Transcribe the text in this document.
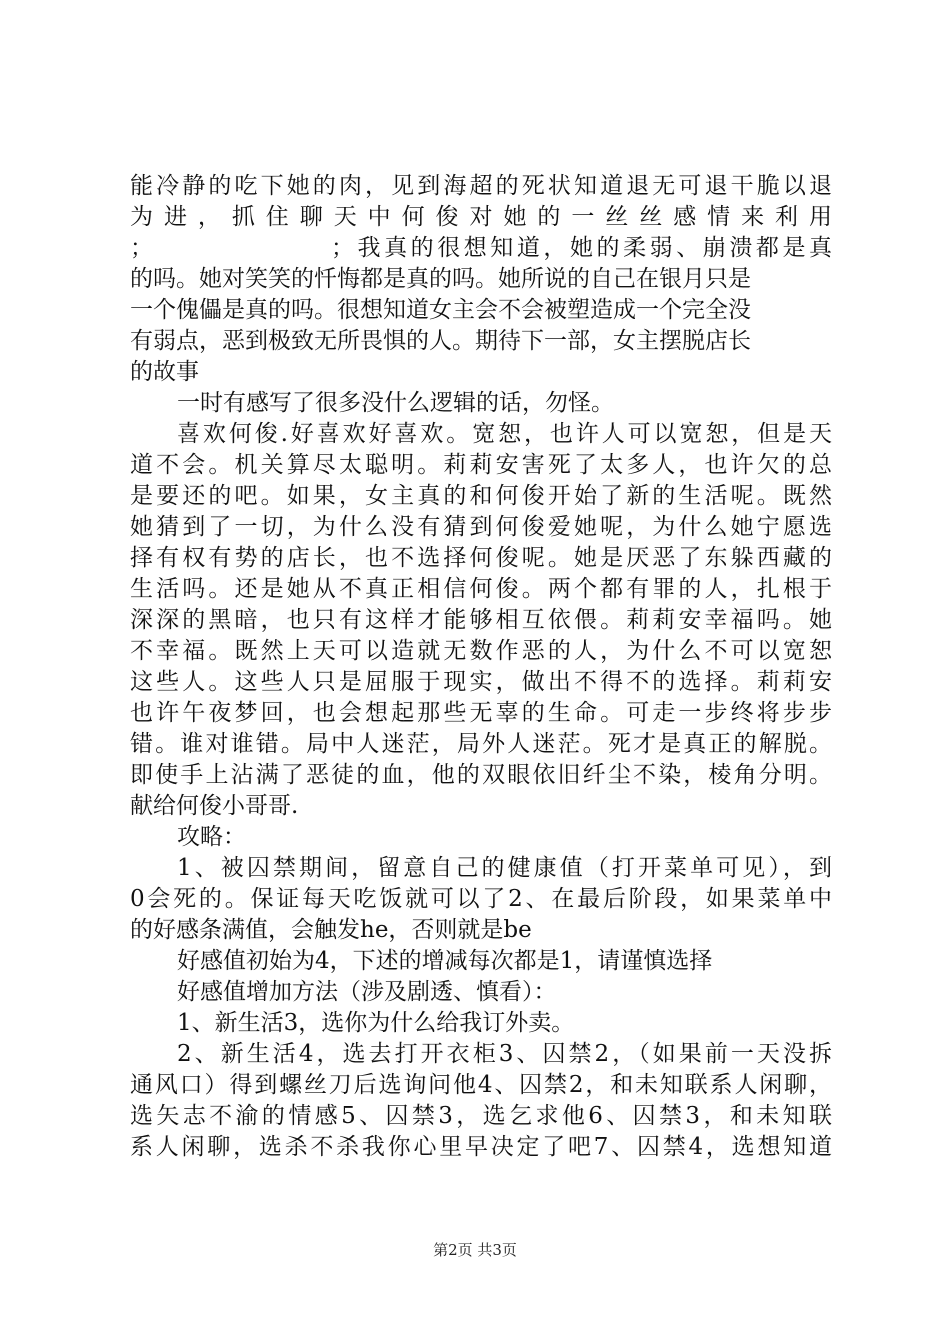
能冷静的吃下她的肉，见到海超的死状知道退无可退干脆以退
为进，抓住聊天中何俊对她的一丝丝感情来利用
；　　　　　　　；我真的很想知道，她的柔弱、崩溃都是真
的吗。她对笑笑的忏悔都是真的吗。她所说的自己在银月只是
一个傀儡是真的吗。很想知道女主会不会被塑造成一个完全没
有弱点，恶到极致无所畏惧的人。期待下一部，女主摆脱店长
的故事
一时有感写了很多没什么逻辑的话，勿怪。
喜欢何俊.好喜欢好喜欢。宽恕，也许人可以宽恕，但是天
道不会。机关算尽太聪明。莉莉安害死了太多人，也许欠的总
是要还的吧。如果，女主真的和何俊开始了新的生活呢。既然
她猜到了一切，为什么没有猜到何俊爱她呢，为什么她宁愿选
择有权有势的店长，也不选择何俊呢。她是厌恶了东躲西藏的
生活吗。还是她从不真正相信何俊。两个都有罪的人，扎根于
深深的黑暗，也只有这样才能够相互依偎。莉莉安幸福吗。她
不幸福。既然上天可以造就无数作恶的人，为什么不可以宽恕
这些人。这些人只是屈服于现实，做出不得不的选择。莉莉安
也许午夜梦回，也会想起那些无辜的生命。可走一步终将步步
错。谁对谁错。局中人迷茫，局外人迷茫。死才是真正的解脱。
即使手上沾满了恶徒的血，他的双眼依旧纤尘不染，棱角分明。
献给何俊小哥哥.
攻略：
1、被囚禁期间，留意自己的健康值（打开菜单可见），到
0会死的。保证每天吃饭就可以了2、在最后阶段，如果菜单中
的好感条满值，会触发he，否则就是be
好感值初始为4，下述的增减每次都是1，请谨慎选择
好感值增加方法（涉及剧透、慎看）：
1、新生活3，选你为什么给我订外卖。
2、新生活4，选去打开衣柜3、囚禁2，（如果前一天没拆
通风口）得到螺丝刀后选询问他4、囚禁2，和未知联系人闲聊，
选矢志不渝的情感5、囚禁3，选乞求他6、囚禁3，和未知联
系人闲聊，选杀不杀我你心里早决定了吧7、囚禁4，选想知道
第2页 共3页
